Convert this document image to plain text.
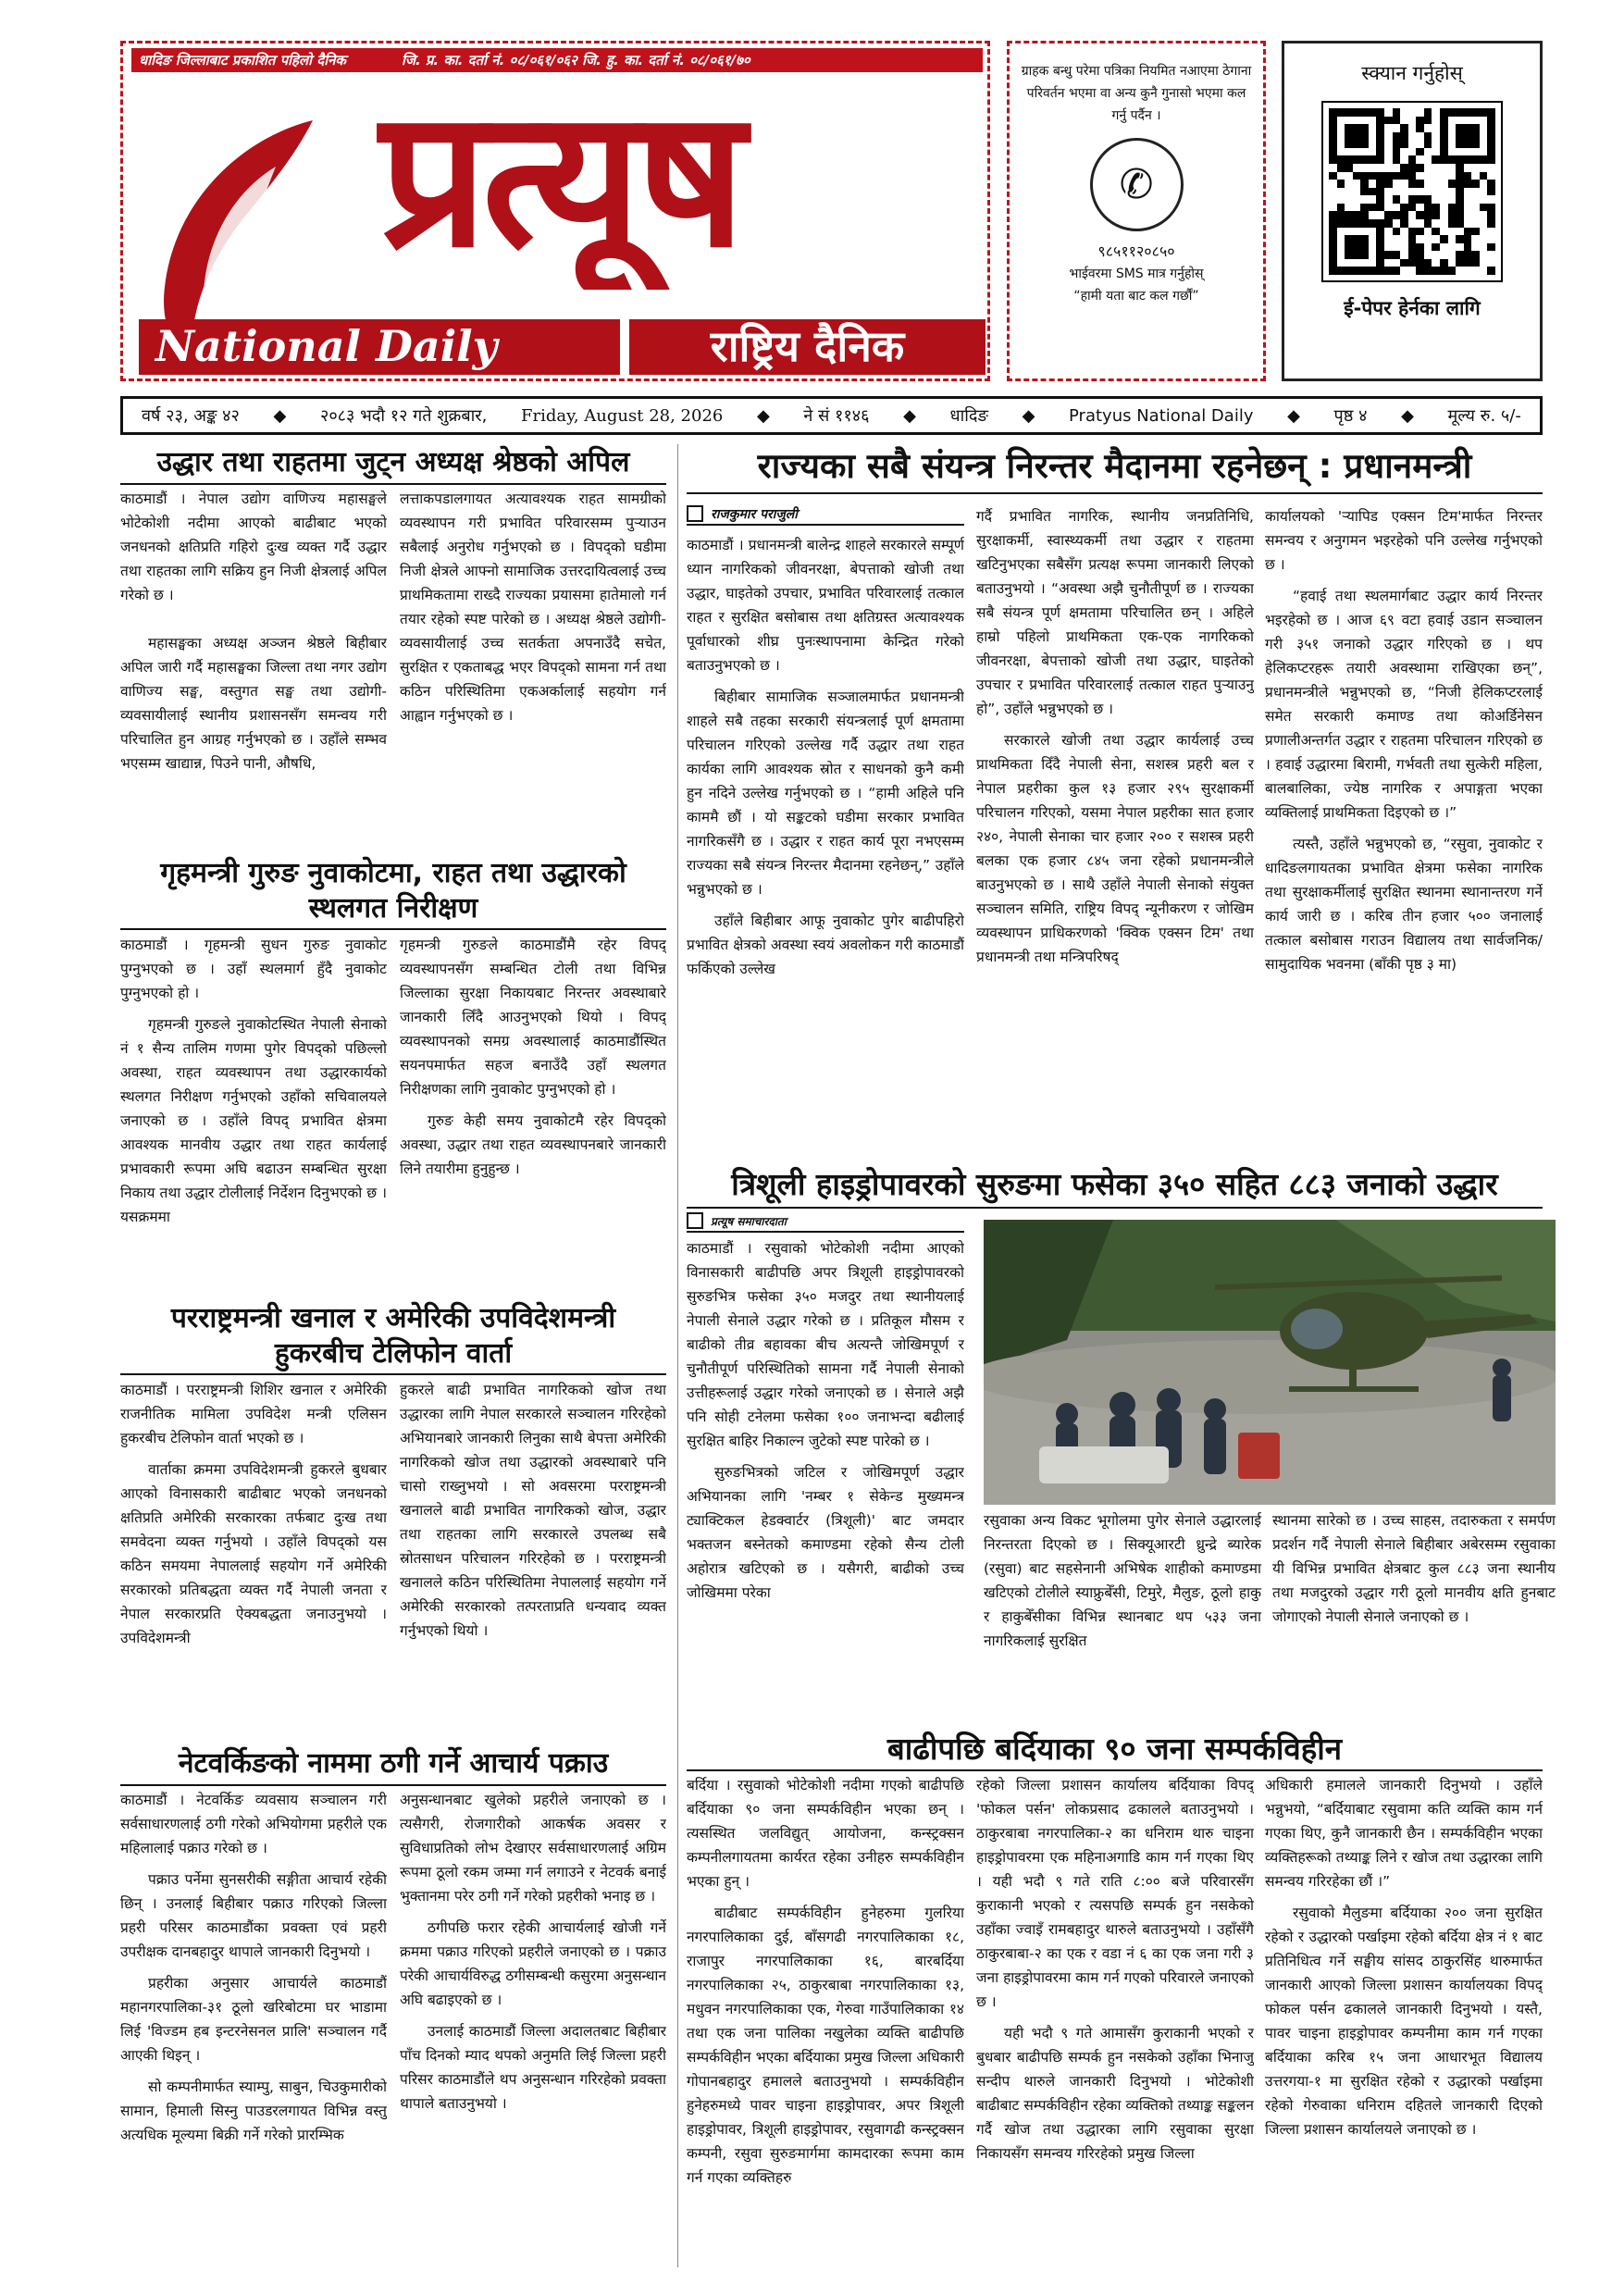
धादिङ जिल्लाबाट प्रकाशित पहिलो दैनिक	जि. प्र. का. दर्ता नं. ०८/०६१/०६२ जि. हु. का. दर्ता नं. ०८/०६१/७०
प्रत्यूष
National Daily	राष्ट्रिय दैनिक
ग्राहक बन्धु परेमा पत्रिका नियमित नआएमा ठेगाना परिवर्तन भएमा वा अन्य कुनै गुनासो भएमा कल गर्नु पर्दैन ।
✆
९८५११२०८५०
भाईवरमा SMS मात्र गर्नुहोस्
“हामी यता बाट कल गर्छौं”
स्क्यान गर्नुहोस्
ई-पेपर हेर्नका लागि
वर्ष २३, अङ्क ४२ ◆ २०८३ भदौ १२ गते शुक्रबार, Friday, August 28, 2026 ◆ ने सं ११४६ ◆ धादिङ ◆ Pratyus National Daily ◆ पृष्ठ ४ ◆ मूल्य रु. ५/-
उद्धार तथा राहतमा जुट्न अध्यक्ष श्रेष्ठको अपिल

काठमाडौं । नेपाल उद्योग वाणिज्य महासङ्घले भोटेकोशी नदीमा आएको बाढीबाट भएको जनधनको क्षतिप्रति गहिरो दुःख व्यक्त गर्दै उद्धार तथा राहतका लागि सक्रिय हुन निजी क्षेत्रलाई अपिल गरेको छ ।

महासङ्घका अध्यक्ष अञ्जन श्रेष्ठले बिहीबार अपिल जारी गर्दै महासङ्घका जिल्ला तथा नगर उद्योग वाणिज्य सङ्घ, वस्तुगत सङ्घ तथा उद्योगी-व्यवसायीलाई स्थानीय प्रशासनसँग समन्वय गरी परिचालित हुन आग्रह गर्नुभएको छ । उहाँले सम्भव भएसम्म खाद्यान्न, पिउने पानी, औषधि,

लत्ताकपडालगायत अत्यावश्यक राहत सामग्रीको व्यवस्थापन गरी प्रभावित परिवारसम्म पुर्‍याउन सबैलाई अनुरोध गर्नुभएको छ । विपद्को घडीमा निजी क्षेत्रले आफ्नो सामाजिक उत्तरदायित्वलाई उच्च प्राथमिकतामा राख्दै राज्यका प्रयासमा हातेमालो गर्न तयार रहेको स्पष्ट पारेको छ । अध्यक्ष श्रेष्ठले उद्योगी-व्यवसायीलाई उच्च सतर्कता अपनाउँदै सचेत, सुरक्षित र एकताबद्ध भएर विपद्को सामना गर्न तथा कठिन परिस्थितिमा एकअर्कालाई सहयोग गर्न आह्वान गर्नुभएको छ ।

गृहमन्त्री गुरुङ नुवाकोटमा, राहत तथा उद्धारको
स्थलगत निरीक्षण

काठमाडौं । गृहमन्त्री सुधन गुरुङ नुवाकोट पुग्नुभएको छ । उहाँ स्थलमार्ग हुँदै नुवाकोट पुग्नुभएको हो ।

गृहमन्त्री गुरुङले नुवाकोटस्थित नेपाली सेनाको नं १ सैन्य तालिम गणमा पुगेर विपद्को पछिल्लो अवस्था, राहत व्यवस्थापन तथा उद्धारकार्यको स्थलगत निरीक्षण गर्नुभएको उहाँको सचिवालयले जनाएको छ । उहाँले विपद् प्रभावित क्षेत्रमा आवश्यक मानवीय उद्धार तथा राहत कार्यलाई प्रभावकारी रूपमा अघि बढाउन सम्बन्धित सुरक्षा निकाय तथा उद्धार टोलीलाई निर्देशन दिनुभएको छ । यसक्रममा

गृहमन्त्री गुरुङले काठमाडौंमै रहेर विपद् व्यवस्थापनसँग सम्बन्धित टोली तथा विभिन्न जिल्लाका सुरक्षा निकायबाट निरन्तर अवस्थाबारे जानकारी लिँदै आउनुभएको थियो । विपद् व्यवस्थापनको समग्र अवस्थालाई काठमाडौंस्थित सयनपमार्फत सहज बनाउँदै उहाँ स्थलगत निरीक्षणका लागि नुवाकोट पुग्नुभएको हो ।

गुरुङ केही समय नुवाकोटमै रहेर विपद्को अवस्था, उद्धार तथा राहत व्यवस्थापनबारे जानकारी लिने तयारीमा हुनुहुन्छ ।

परराष्ट्रमन्त्री खनाल र अमेरिकी उपविदेशमन्त्री
हुकरबीच टेलिफोन वार्ता

काठमाडौं । परराष्ट्रमन्त्री शिशिर खनाल र अमेरिकी राजनीतिक मामिला उपविदेश मन्त्री एलिसन हुकरबीच टेलिफोन वार्ता भएको छ ।

वार्ताका क्रममा उपविदेशमन्त्री हुकरले बुधबार आएको विनासकारी बाढीबाट भएको जनधनको क्षतिप्रति अमेरिकी सरकारका तर्फबाट दुःख तथा समवेदना व्यक्त गर्नुभयो । उहाँले विपद्को यस कठिन समयमा नेपाललाई सहयोग गर्ने अमेरिकी सरकारको प्रतिबद्धता व्यक्त गर्दै नेपाली जनता र नेपाल सरकारप्रति ऐक्यबद्धता जनाउनुभयो । उपविदेशमन्त्री

हुकरले बाढी प्रभावित नागरिकको खोज तथा उद्धारका लागि नेपाल सरकारले सञ्चालन गरिरहेको अभियानबारे जानकारी लिनुका साथै बेपत्ता अमेरिकी नागरिकको खोज तथा उद्धारको अवस्थाबारे पनि चासो राख्नुभयो । सो अवसरमा परराष्ट्रमन्त्री खनालले बाढी प्रभावित नागरिकको खोज, उद्धार तथा राहतका लागि सरकारले उपलब्ध सबै स्रोतसाधन परिचालन गरिरहेको छ । परराष्ट्रमन्त्री खनालले कठिन परिस्थितिमा नेपाललाई सहयोग गर्ने अमेरिकी सरकारको तत्परताप्रति धन्यवाद व्यक्त गर्नुभएको थियो ।

नेटवर्किङको नाममा ठगी गर्ने आचार्य पक्राउ

काठमाडौं । नेटवर्किङ व्यवसाय सञ्चालन गरी सर्वसाधारणलाई ठगी गरेको अभियोगमा प्रहरीले एक महिलालाई पक्राउ गरेको छ ।

पक्राउ पर्नेमा सुनसरीकी सङ्गीता आचार्य रहेकी छिन् । उनलाई बिहीबार पक्राउ गरिएको जिल्ला प्रहरी परिसर काठमाडौंका प्रवक्ता एवं प्रहरी उपरीक्षक दानबहादुर थापाले जानकारी दिनुभयो ।

प्रहरीका अनुसार आचार्यले काठमाडौं महानगरपालिका-३१ ठूलो खरिबोटमा घर भाडामा लिई 'विज्डम हब इन्टरनेसनल प्रालि' सञ्चालन गर्दै आएकी थिइन् ।

सो कम्पनीमार्फत स्याम्पु, साबुन, चिउकुमारीको सामान, हिमाली सिस्नु पाउडरलगायत विभिन्न वस्तु अत्यधिक मूल्यमा बिक्री गर्ने गरेको प्रारम्भिक

अनुसन्धानबाट खुलेको प्रहरीले जनाएको छ । त्यसैगरी, रोजगारीको आकर्षक अवसर र सुविधाप्रतिको लोभ देखाएर सर्वसाधारणलाई अग्रिम रूपमा ठूलो रकम जम्मा गर्न लगाउने र नेटवर्क बनाई भुक्तानमा परेर ठगी गर्ने गरेको प्रहरीको भनाइ छ ।

ठगीपछि फरार रहेकी आचार्यलाई खोजी गर्ने क्रममा पक्राउ गरिएको प्रहरीले जनाएको छ । पक्राउ परेकी आचार्यविरुद्ध ठगीसम्बन्धी कसुरमा अनुसन्धान अघि बढाइएको छ ।

उनलाई काठमाडौं जिल्ला अदालतबाट बिहीबार पाँच दिनको म्याद थपको अनुमति लिई जिल्ला प्रहरी परिसर काठमाडौंले थप अनुसन्धान गरिरहेको प्रवक्ता थापाले बताउनुभयो ।

राज्यका सबै संयन्त्र निरन्तर मैदानमा रहनेछन् : प्रधानमन्त्री
राजकुमार पराजुली

काठमाडौं । प्रधानमन्त्री बालेन्द्र शाहले सरकारले सम्पूर्ण ध्यान नागरिकको जीवनरक्षा, बेपत्ताको खोजी तथा उद्धार, घाइतेको उपचार, प्रभावित परिवारलाई तत्काल राहत र सुरक्षित बसोबास तथा क्षतिग्रस्त अत्यावश्यक पूर्वाधारको शीघ्र पुनःस्थापनामा केन्द्रित गरेको बताउनुभएको छ ।

बिहीबार सामाजिक सञ्जालमार्फत प्रधानमन्त्री शाहले सबै तहका सरकारी संयन्त्रलाई पूर्ण क्षमतामा परिचालन गरिएको उल्लेख गर्दै उद्धार तथा राहत कार्यका लागि आवश्यक स्रोत र साधनको कुनै कमी हुन नदिने उल्लेख गर्नुभएको छ । “हामी अहिले पनि काममै छौं । यो सङ्कटको घडीमा सरकार प्रभावित नागरिकसँगै छ । उद्धार र राहत कार्य पूरा नभएसम्म राज्यका सबै संयन्त्र निरन्तर मैदानमा रहनेछन्,” उहाँले भन्नुभएको छ ।

उहाँले बिहीबार आफू नुवाकोट पुगेर बाढीपहिरो प्रभावित क्षेत्रको अवस्था स्वयं अवलोकन गरी काठमाडौं फर्किएको उल्लेख

गर्दै प्रभावित नागरिक, स्थानीय जनप्रतिनिधि, सुरक्षाकर्मी, स्वास्थ्यकर्मी तथा उद्धार र राहतमा खटिनुभएका सबैसँग प्रत्यक्ष रूपमा जानकारी लिएको बताउनुभयो । “अवस्था अझै चुनौतीपूर्ण छ । राज्यका सबै संयन्त्र पूर्ण क्षमतामा परिचालित छन् । अहिले हाम्रो पहिलो प्राथमिकता एक-एक नागरिकको जीवनरक्षा, बेपत्ताको खोजी तथा उद्धार, घाइतेको उपचार र प्रभावित परिवारलाई तत्काल राहत पुऱ्याउनु हो”, उहाँले भन्नुभएको छ ।

सरकारले खोजी तथा उद्धार कार्यलाई उच्च प्राथमिकता दिँदै नेपाली सेना, सशस्त्र प्रहरी बल र नेपाल प्रहरीका कुल १३ हजार २९५ सुरक्षाकर्मी परिचालन गरिएको, यसमा नेपाल प्रहरीका सात हजार २४०, नेपाली सेनाका चार हजार २०० र सशस्त्र प्रहरी बलका एक हजार ८४५ जना रहेको प्रधानमन्त्रीले बाउनुभएको छ । साथै उहाँले नेपाली सेनाको संयुक्त सञ्चालन समिति, राष्ट्रिय विपद् न्यूनीकरण र जोखिम व्यवस्थापन प्राधिकरणको 'क्विक एक्सन टिम' तथा प्रधानमन्त्री तथा मन्त्रिपरिषद्

कार्यालयको 'र्‍यापिड एक्सन टिम'मार्फत निरन्तर समन्वय र अनुगमन भइरहेको पनि उल्लेख गर्नुभएको छ ।

“हवाई तथा स्थलमार्गबाट उद्धार कार्य निरन्तर भइरहेको छ । आज ६९ वटा हवाई उडान सञ्चालन गरी ३५१ जनाको उद्धार गरिएको छ । थप हेलिकप्टरहरू तयारी अवस्थामा राखिएका छन्”, प्रधानमन्त्रीले भन्नुभएको छ, “निजी हेलिकप्टरलाई समेत सरकारी कमाण्ड तथा कोअर्डिनेसन प्रणालीअन्तर्गत उद्धार र राहतमा परिचालन गरिएको छ । हवाई उद्धारमा बिरामी, गर्भवती तथा सुत्केरी महिला, बालबालिका, ज्येष्ठ नागरिक र अपाङ्गता भएका व्यक्तिलाई प्राथमिकता दिइएको छ ।”

त्यस्तै, उहाँले भन्नुभएको छ, “रसुवा, नुवाकोट र धादिङलगायतका प्रभावित क्षेत्रमा फसेका नागरिक तथा सुरक्षाकर्मीलाई सुरक्षित स्थानमा स्थानान्तरण गर्ने कार्य जारी छ । करिब तीन हजार ५०० जनालाई तत्काल बसोबास गराउन विद्यालय तथा सार्वजनिक/सामुदायिक भवनमा (बाँकी पृष्ठ ३ मा)

त्रिशूली हाइड्रोपावरको सुरुङमा फसेका ३५० सहित ८८३ जनाको उद्धार
प्रत्यूष समाचारदाता

काठमाडौं । रसुवाको भोटेकोशी नदीमा आएको विनासकारी बाढीपछि अपर त्रिशूली हाइड्रोपावरको सुरुङभित्र फसेका ३५० मजदुर तथा स्थानीयलाई नेपाली सेनाले उद्धार गरेको छ । प्रतिकूल मौसम र बाढीको तीव्र बहावका बीच अत्यन्तै जोखिमपूर्ण र चुनौतीपूर्ण परिस्थितिको सामना गर्दै नेपाली सेनाको उत्तीहरूलाई उद्धार गरेको जनाएको छ । सेनाले अझै पनि सोही टनेलमा फसेका १०० जनाभन्दा बढीलाई सुरक्षित बाहिर निकाल्न जुटेको स्पष्ट पारेको छ ।

सुरुङभित्रको जटिल र जोखिमपूर्ण उद्धार अभियानका लागि 'नम्बर १ सेकेन्ड मुख्यमन्त्र ट्याक्टिकल हेडक्वार्टर (त्रिशूली)' बाट जमदार भक्तजन बस्नेतको कमाण्डमा रहेको सैन्य टोली अहोरात्र खटिएको छ । यसैगरी, बाढीको उच्च जोखिममा परेका

रसुवाका अन्य विकट भूगोलमा पुगेर सेनाले उद्धारलाई निरन्तरता दिएको छ । सिक्यूआरटी ध्रुन्द्रे ब्यारेक (रसुवा) बाट सहसेनानी अभिषेक शाहीको कमाण्डमा खटिएको टोलीले स्याफ्रुबेँसी, टिमुरे, मैलुङ, ठूलो हाकु र हाकुबेँसीका विभिन्न स्थानबाट थप ५३३ जना नागरिकलाई सुरक्षित
स्थानमा सारेको छ । उच्च साहस, तदारुकता र समर्पण प्रदर्शन गर्दै नेपाली सेनाले बिहीबार अबेरसम्म रसुवाका यी विभिन्न प्रभावित क्षेत्रबाट कुल ८८३ जना स्थानीय तथा मजदुरको उद्धार गरी ठूलो मानवीय क्षति हुनबाट जोगाएको नेपाली सेनाले जनाएको छ ।
बाढीपछि बर्दियाका ९० जना सम्पर्कविहीन

बर्दिया । रसुवाको भोटेकोशी नदीमा गएको बाढीपछि बर्दियाका ९० जना सम्पर्कविहीन भएका छन् । त्यसस्थित जलविद्युत् आयोजना, कन्स्ट्रक्सन कम्पनीलगायतमा कार्यरत रहेका उनीहरु सम्पर्कविहीन भएका हुन् ।

बाढीबाट सम्पर्कविहीन हुनेहरुमा गुलरिया नगरपालिकाका दुई, बाँसगढी नगरपालिकाका १८, राजापुर नगरपालिकाका १६, बारबर्दिया नगरपालिकाका २५, ठाकुरबाबा नगरपालिकाका १३, मधुवन नगरपालिकाका एक, गेरुवा गाउँपालिकाका १४ तथा एक जना पालिका नखुलेका व्यक्ति बाढीपछि सम्पर्कविहीन भएका बर्दियाका प्रमुख जिल्ला अधिकारी गोपानबहादुर हमालले बताउनुभयो । सम्पर्कविहीन हुनेहरुमध्ये पावर चाइना हाइड्रोपावर, अपर त्रिशूली हाइड्रोपावर, त्रिशूली हाइड्रोपावर, रसुवागढी कन्स्ट्रक्सन कम्पनी, रसुवा सुरुङमार्गमा कामदारका रूपमा काम गर्न गएका व्यक्तिहरु

रहेको जिल्ला प्रशासन कार्यालय बर्दियाका विपद् 'फोकल पर्सन' लोकप्रसाद ढकालले बताउनुभयो । ठाकुरबाबा नगरपालिका-२ का धनिराम थारु चाइना हाइड्रोपावरमा एक महिनाअगाडि काम गर्न गएका थिए । यही भदौ ९ गते राति ८:०० बजे परिवारसँग कुराकानी भएको र त्यसपछि सम्पर्क हुन नसकेको उहाँका ज्वाइँ रामबहादुर थारुले बताउनुभयो । उहाँसँगै ठाकुरबाबा-२ का एक र वडा नं ६ का एक जना गरी ३ जना हाइड्रोपावरमा काम गर्न गएको परिवारले जनाएको छ ।

यही भदौ ९ गते आमासँग कुराकानी भएको र बुधबार बाढीपछि सम्पर्क हुन नसकेको उहाँका भिनाजु सन्दीप थारुले जानकारी दिनुभयो । भोटेकोशी बाढीबाट सम्पर्कविहीन रहेका व्यक्तिको तथ्याङ्क सङ्कलन गर्दै खोज तथा उद्धारका लागि रसुवाका सुरक्षा निकायसँग समन्वय गरिरहेको प्रमुख जिल्ला

अधिकारी हमालले जानकारी दिनुभयो । उहाँले भन्नुभयो, “बर्दियाबाट रसुवामा कति व्यक्ति काम गर्न गएका थिए, कुनै जानकारी छैन । सम्पर्कविहीन भएका व्यक्तिहरूको तथ्याङ्क लिने र खोज तथा उद्धारका लागि समन्वय गरिरहेका छौं ।”

रसुवाको मैलुङमा बर्दियाका २०० जना सुरक्षित रहेको र उद्धारको पर्खाइमा रहेको बर्दिया क्षेत्र नं १ बाट प्रतिनिधित्व गर्ने सङ्घीय सांसद ठाकुरसिंह थारुमार्फत जानकारी आएको जिल्ला प्रशासन कार्यालयका विपद् फोकल पर्सन ढकालले जानकारी दिनुभयो । यस्तै, पावर चाइना हाइड्रोपावर कम्पनीमा काम गर्न गएका बर्दियाका करिब १५ जना आधारभूत विद्यालय उत्तरगया-१ मा सुरक्षित रहेको र उद्धारको पर्खाइमा रहेको गेरुवाका धनिराम दहितले जानकारी दिएको जिल्ला प्रशासन कार्यालयले जनाएको छ ।
